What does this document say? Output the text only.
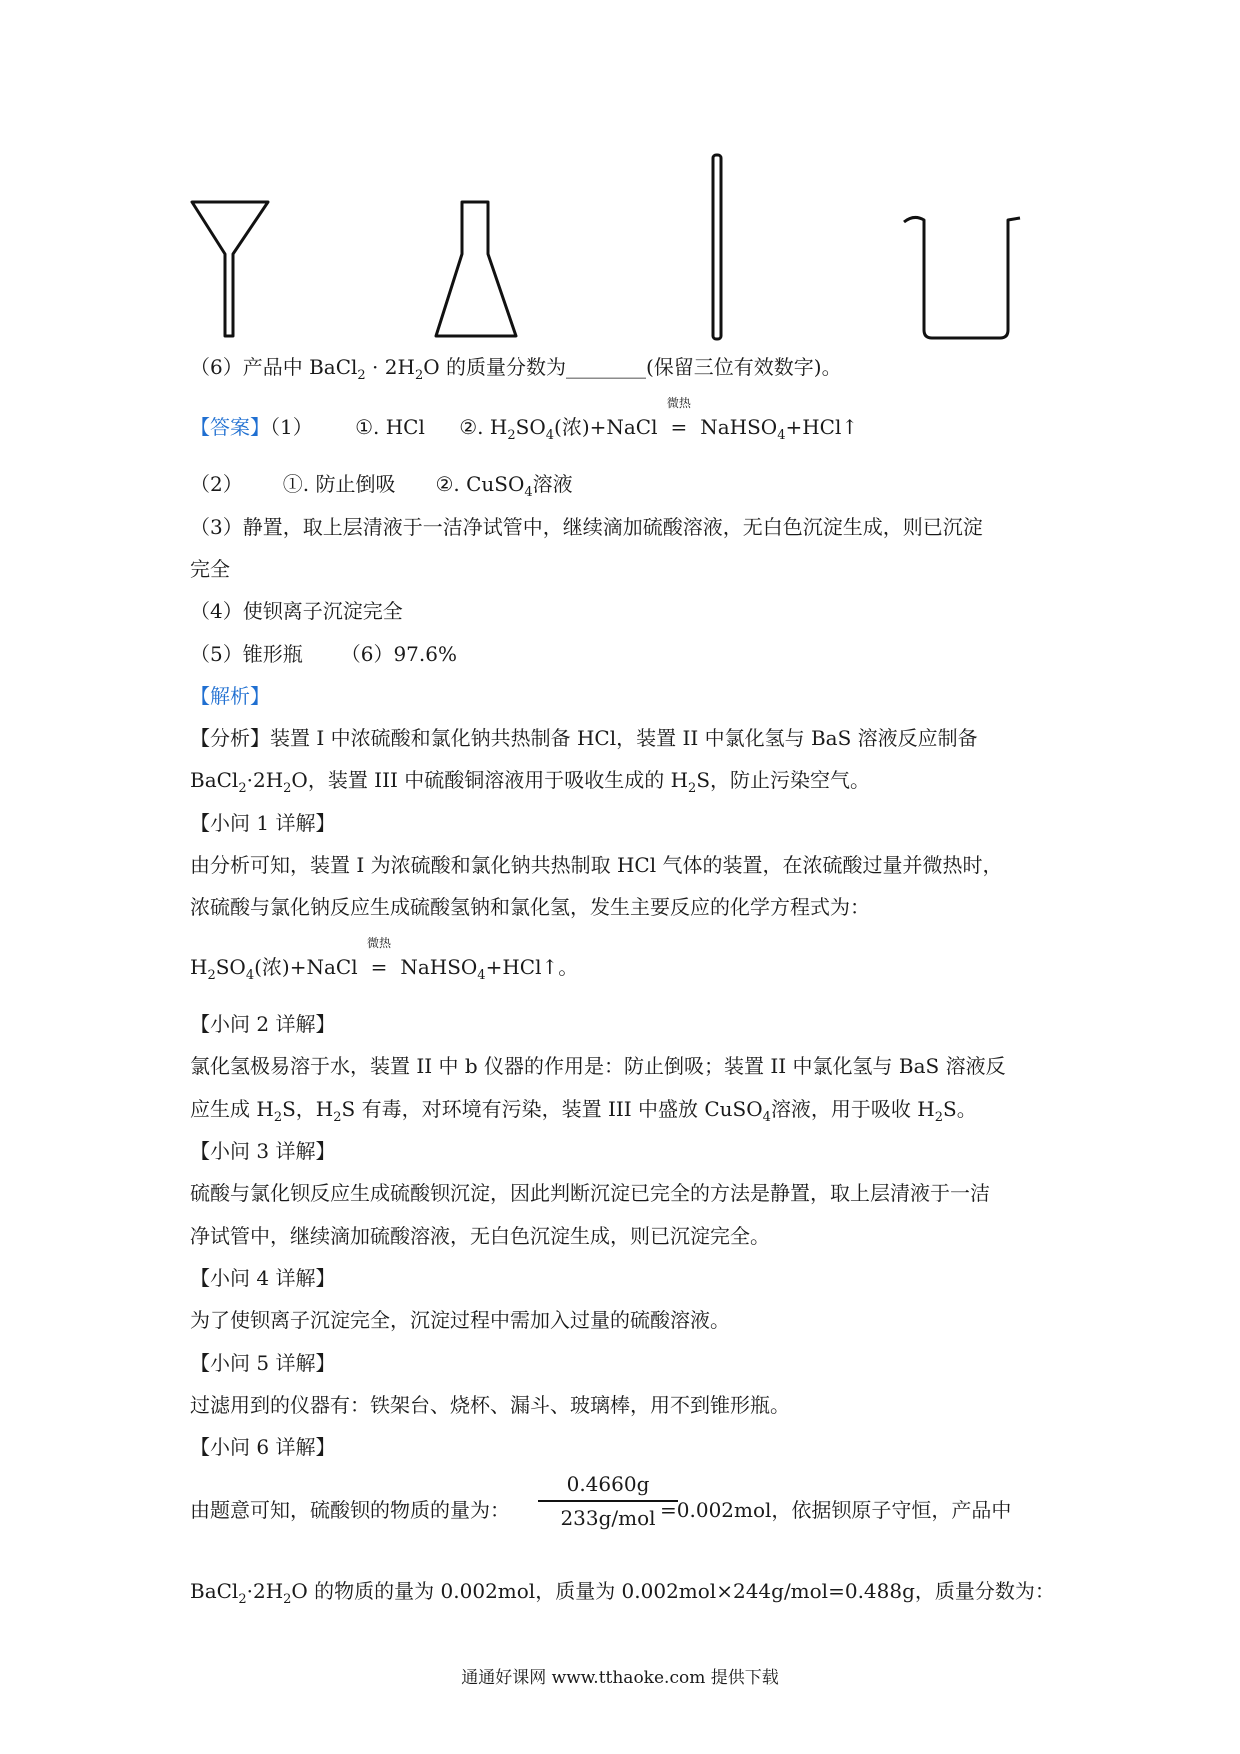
（6）产品中 BaCl$_2$ · $2H_2O$ 的质量分数为________(保留三位有效数字)。
【答案】（1） ①. HCl ②. $H_2SO_4$(浓)+NaCl
微热
= NaHSO$_4$+HCl↑
（2） ①. 防止倒吸 ②. CuSO$_4$溶液
（3）静置，取上层清液于一洁净试管中，继续滴加硫酸溶液，无白色沉淀生成，则已沉淀
完全
（4）使钡离子沉淀完全
（5）锥形瓶 （6）97.6%
【解析】
【分析】装置 I 中浓硫酸和氯化钠共热制备 HCl，装置 II 中氯化氢与 BaS 溶液反应制备
$BaCl_2\cdot 2H_2O$，装置 III 中硫酸铜溶液用于吸收生成的 $H_2S$，防止污染空气。
【小问 1 详解】
由分析可知，装置 I 为浓硫酸和氯化钠共热制取 HCl 气体的装置，在浓硫酸过量并微热时，
浓硫酸与氯化钠反应生成硫酸氢钠和氯化氢，发生主要反应的化学方程式为：
$H_2SO_4$(浓)+NaCl
微热
= NaHSO$_4$+HCl↑。
【小问 2 详解】
氯化氢极易溶于水，装置 II 中 b 仪器的作用是：防止倒吸；装置 II 中氯化氢与 BaS 溶液反
应生成 $H_2S$，$H_2S$ 有毒，对环境有污染，装置 III 中盛放 CuSO$_4$溶液，用于吸收 $H_2S$。
【小问 3 详解】
硫酸与氯化钡反应生成硫酸钡沉淀，因此判断沉淀已完全的方法是静置，取上层清液于一洁
净试管中，继续滴加硫酸溶液，无白色沉淀生成，则已沉淀完全。
【小问 4 详解】
为了使钡离子沉淀完全，沉淀过程中需加入过量的硫酸溶液。
【小问 5 详解】
过滤用到的仪器有：铁架台、烧杯、漏斗、玻璃棒，用不到锥形瓶。
【小问 6 详解】
由题意可知，硫酸钡的物质的量为：	=0.002mol，依据钡原子守恒，产品中
0.4660g
233g/mol
$BaCl_2\cdot 2H_2O$ 的物质的量为 0.002mol，质量为 0.002mol×244g/mol=0.488g，质量分数为：
通通好课网 www.tthaoke.com 提供下载
